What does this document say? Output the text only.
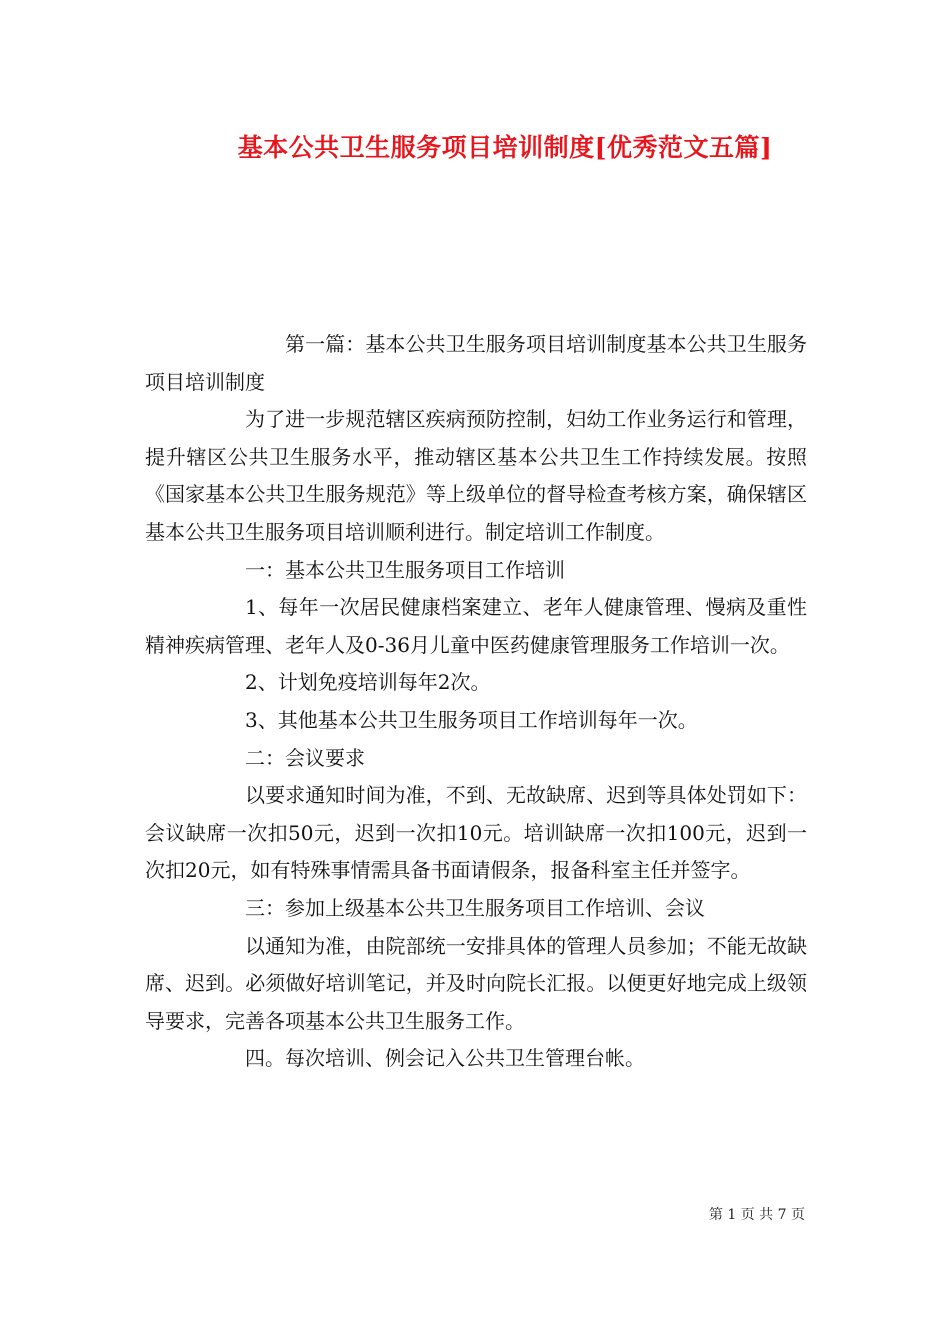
基本公共卫生服务项目培训制度[优秀范文五篇]

第一篇：基本公共卫生服务项目培训制度基本公共卫生服务项目培训制度

为了进一步规范辖区疾病预防控制，妇幼工作业务运行和管理，提升辖区公共卫生服务水平，推动辖区基本公共卫生工作持续发展。按照《国家基本公共卫生服务规范》等上级单位的督导检查考核方案，确保辖区基本公共卫生服务项目培训顺利进行。制定培训工作制度。

一：基本公共卫生服务项目工作培训

1、每年一次居民健康档案建立、老年人健康管理、慢病及重性精神疾病管理、老年人及0-36月儿童中医药健康管理服务工作培训一次。

2、计划免疫培训每年2次。

3、其他基本公共卫生服务项目工作培训每年一次。

二：会议要求

以要求通知时间为准，不到、无故缺席、迟到等具体处罚如下：会议缺席一次扣50元，迟到一次扣10元。培训缺席一次扣100元，迟到一次扣20元，如有特殊事情需具备书面请假条，报备科室主任并签字。

三：参加上级基本公共卫生服务项目工作培训、会议

以通知为准，由院部统一安排具体的管理人员参加；不能无故缺席、迟到。必须做好培训笔记，并及时向院长汇报。以便更好地完成上级领导要求，完善各项基本公共卫生服务工作。

四。每次培训、例会记入公共卫生管理台帐。

第 1 页 共 7 页
